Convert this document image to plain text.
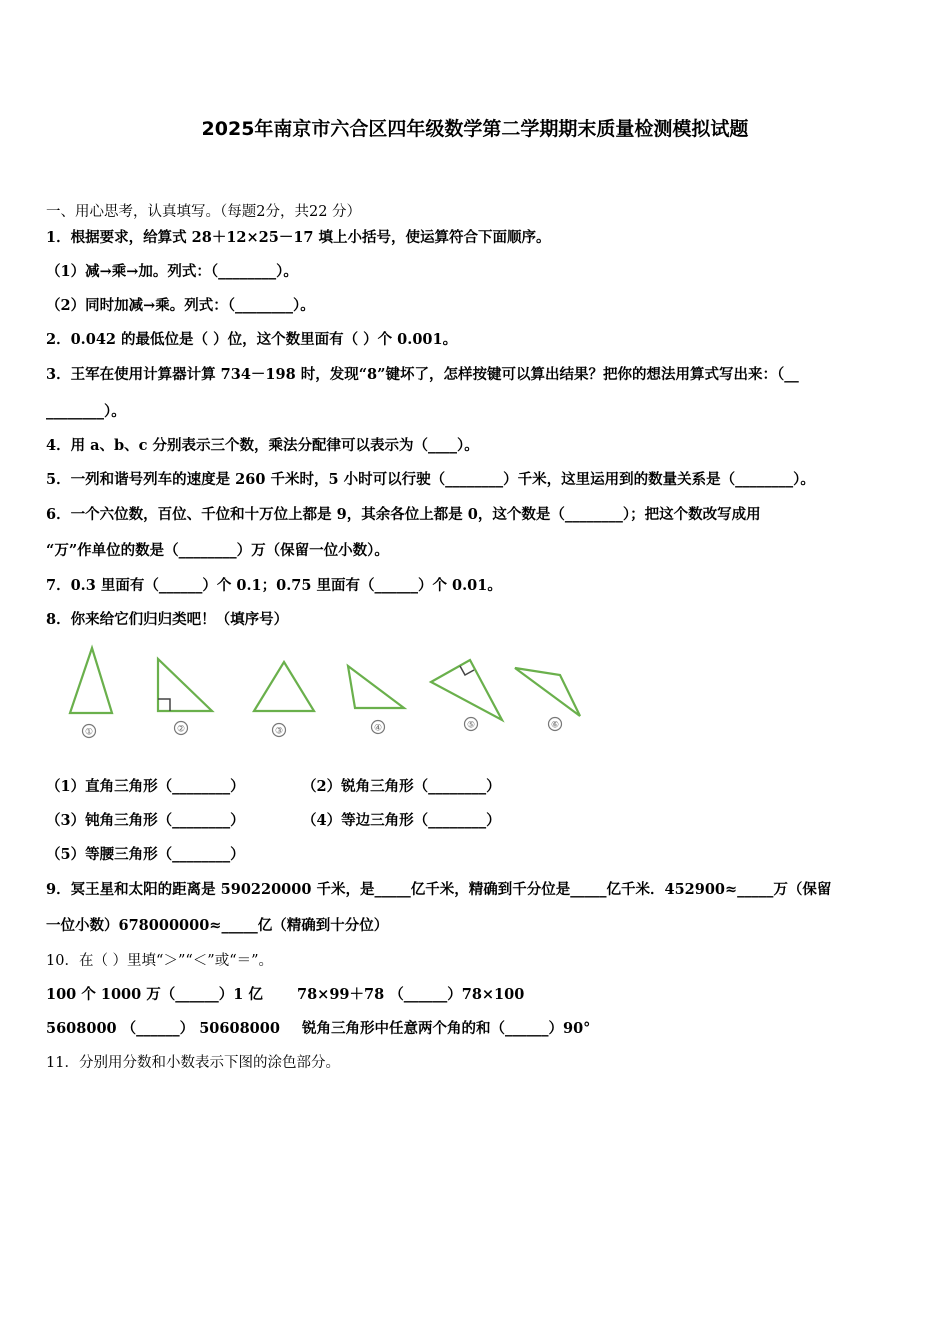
2025年南京市六合区四年级数学第二学期期末质量检测模拟试题
一、用心思考，认真填写。（每题2分，共22 分）
1．根据要求，给算式 28＋12×25－17 填上小括号，使运算符合下面顺序。
（1）减→乘→加。列式：（________）。
（2）同时加减→乘。列式：（________）。
2．0.042 的最低位是（ ）位，这个数里面有（ ）个 0.001。
3．王军在使用计算器计算 734－198 时，发现“8”键坏了，怎样按键可以算出结果？把你的想法用算式写出来：（__
________）。
4．用 a、b、c 分别表示三个数，乘法分配律可以表示为（____）。
5．一列和谐号列车的速度是 260 千米时，5 小时可以行驶（________）千米，这里运用到的数量关系是（________）。
6．一个六位数，百位、千位和十万位上都是 9，其余各位上都是 0，这个数是（________）；把这个数改写成用
“万”作单位的数是（________）万（保留一位小数）。
7．0.3 里面有（______）个 0.1；0.75 里面有（______）个 0.01。
8．你来给它们归归类吧！（填序号）
①	②	③	④	⑤	⑥
（1）直角三角形（________）	（2）锐角三角形（________）
（3）钝角三角形（________）	（4）等边三角形（________）
（5）等腰三角形（________）
9．冥王星和太阳的距离是 590220000 千米，是_____亿千米，精确到千分位是_____亿千米．452900≈_____万（保留
一位小数）678000000≈_____亿（精确到十分位）
10．在（ ）里填“＞”“＜”或“＝”。
100 个 1000 万（______）1 亿 78×99＋78 （______）78×100
5608000 （______） 50608000 锐角三角形中任意两个角的和（______）90°
11．分别用分数和小数表示下图的涂色部分。
